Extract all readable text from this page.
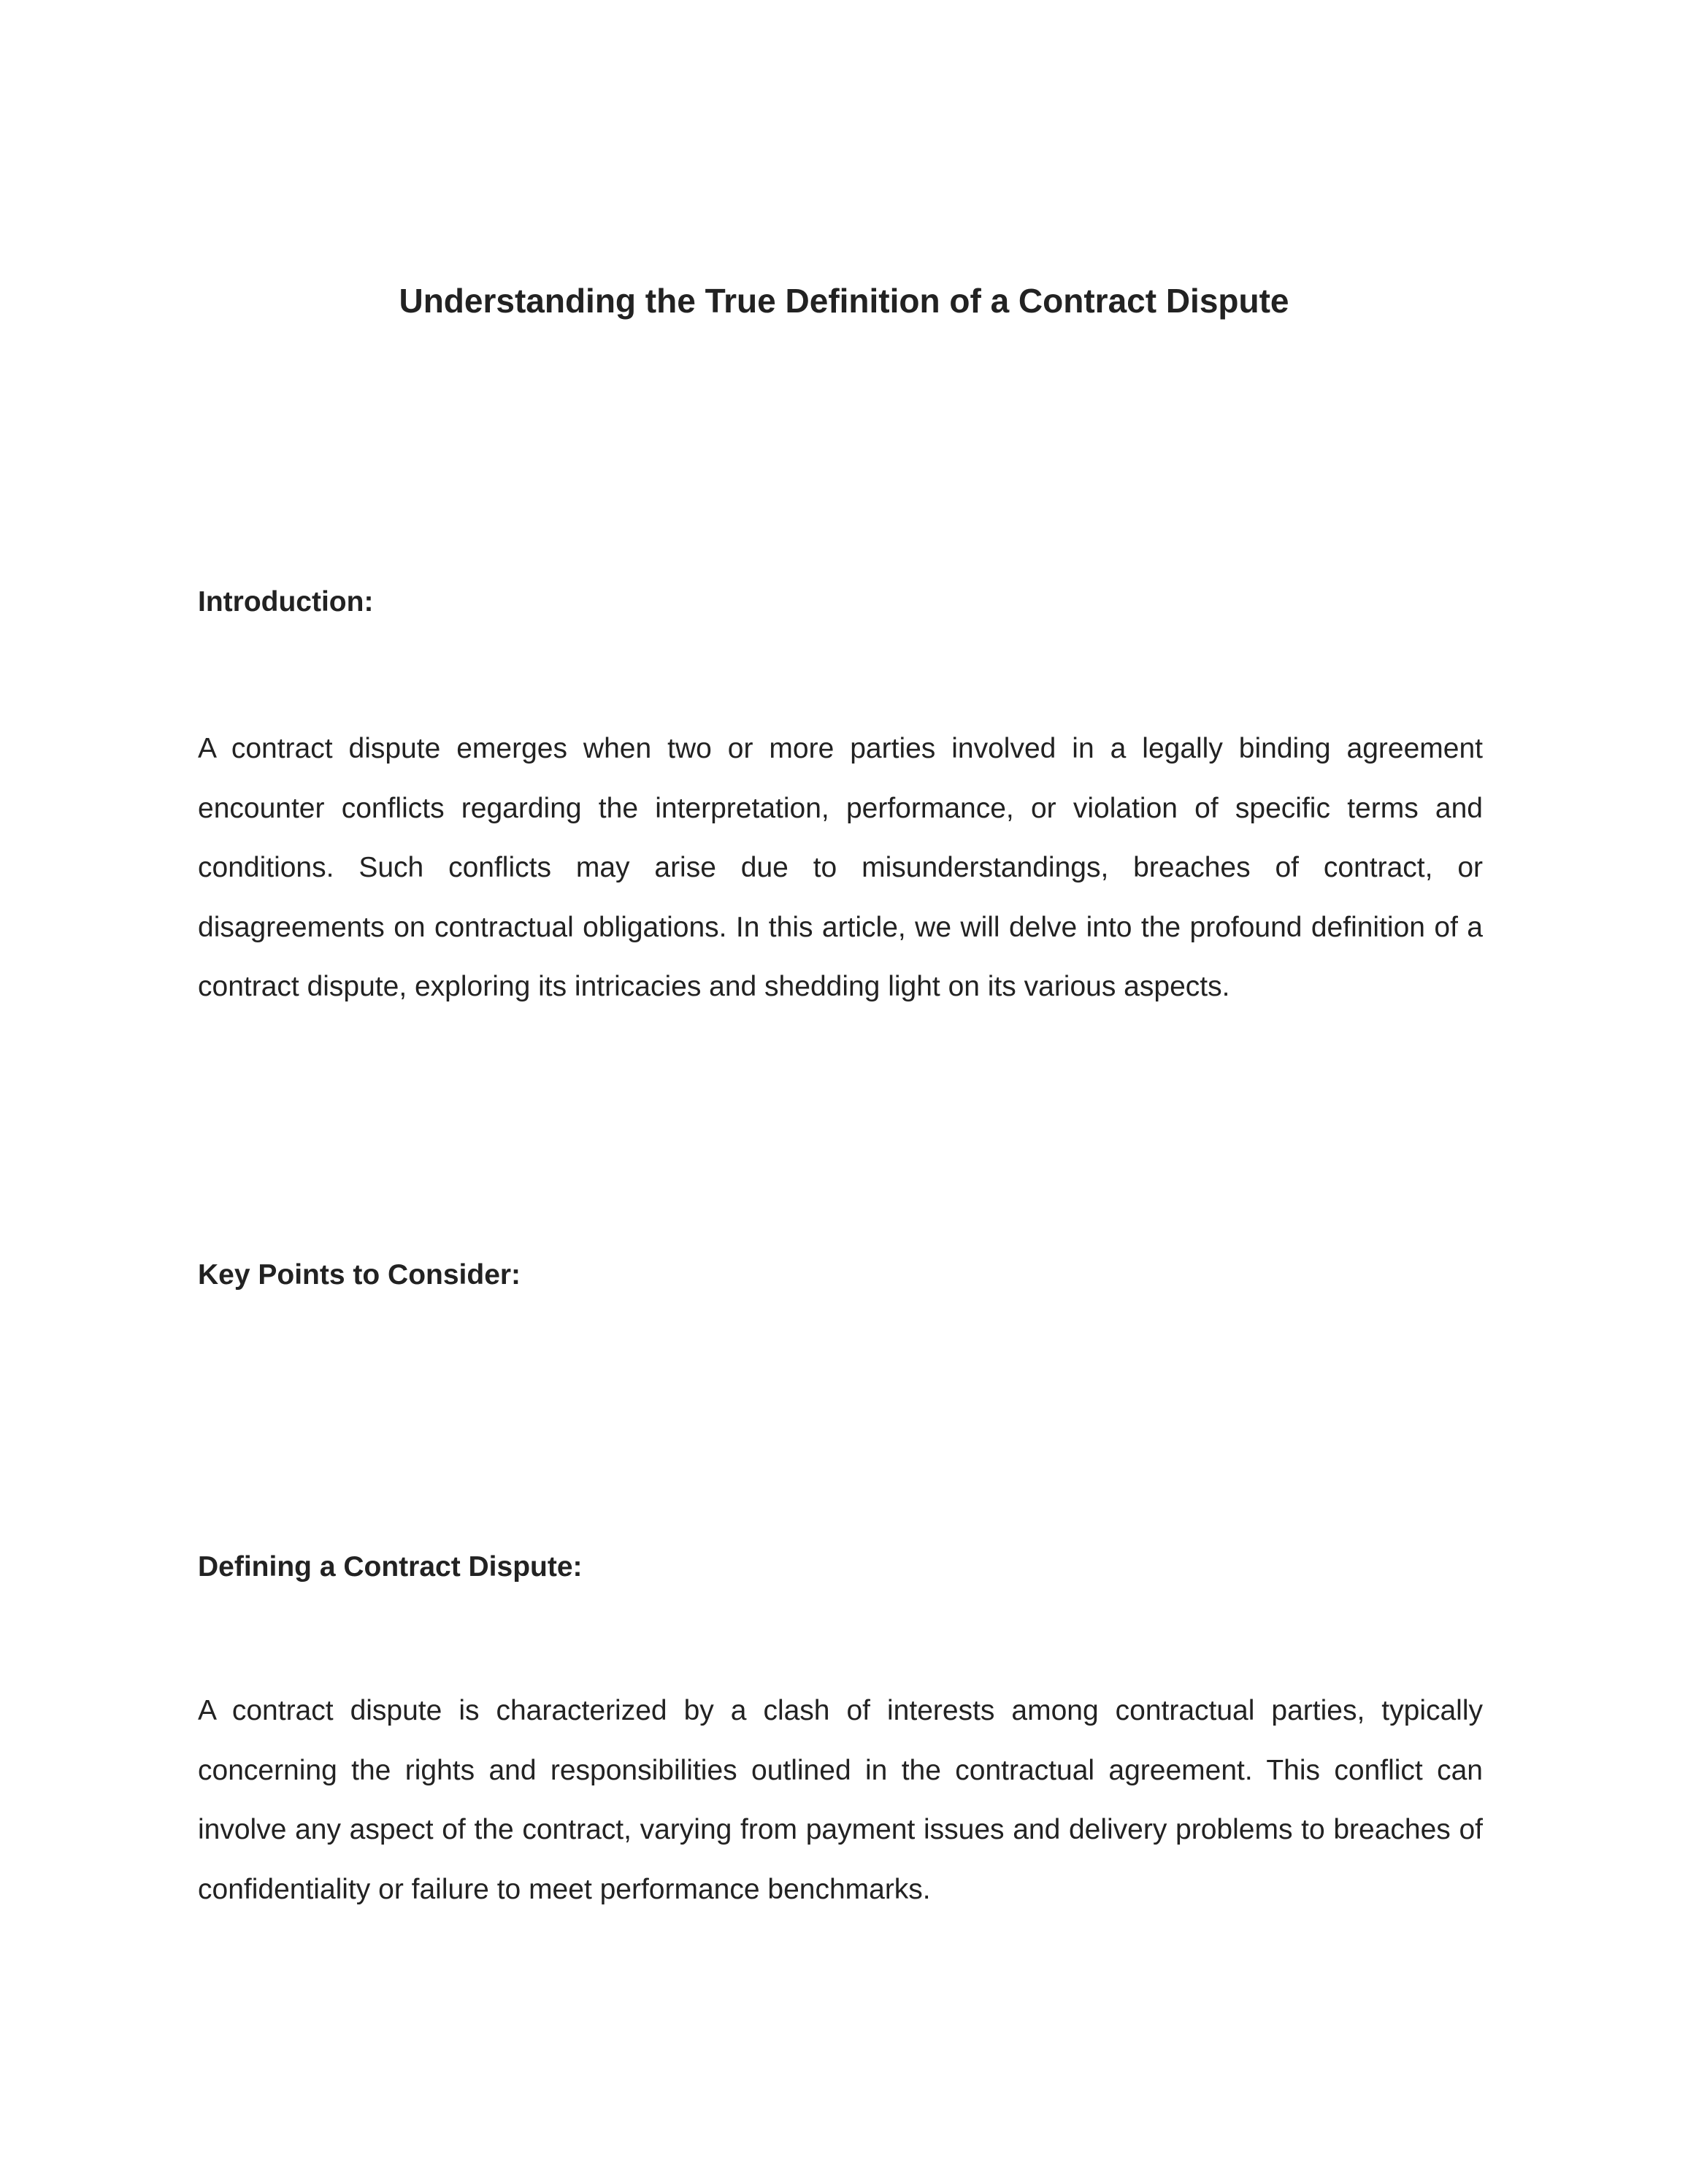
Understanding the True Definition of a Contract Dispute
Introduction:

A contract dispute emerges when two or more parties involved in a legally binding agreement encounter conflicts regarding the interpretation, performance, or violation of specific terms and conditions. Such conflicts may arise due to misunderstandings, breaches of contract, or disagreements on contractual obligations. In this article, we will delve into the profound definition of a contract dispute, exploring its intricacies and shedding light on its various aspects.

Key Points to Consider:
Defining a Contract Dispute:

A contract dispute is characterized by a clash of interests among contractual parties, typically concerning the rights and responsibilities outlined in the contractual agreement. This conflict can involve any aspect of the contract, varying from payment issues and delivery problems to breaches of confidentiality or failure to meet performance benchmarks.
